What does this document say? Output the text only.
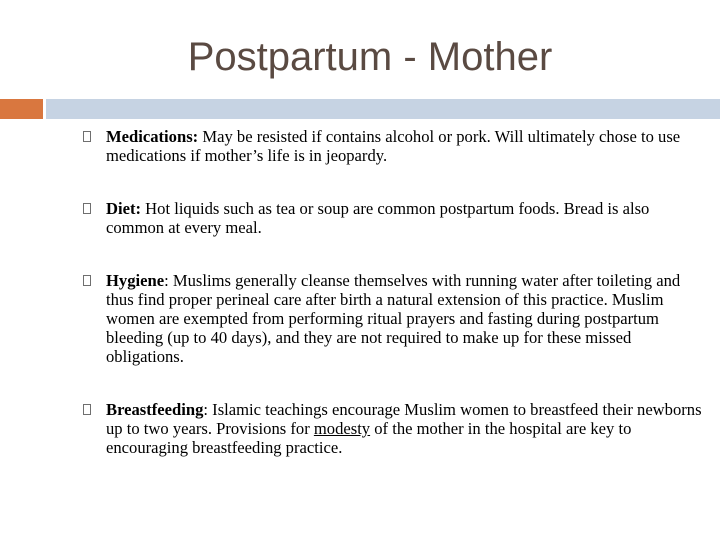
Postpartum - Mother
Medications: May be resisted if contains alcohol or pork. Will ultimately chose to use medications if mother’s life is in jeopardy.
Diet: Hot liquids such as tea or soup are common postpartum foods. Bread is also common at every meal.
Hygiene: Muslims generally cleanse themselves with running water after toileting and thus find proper perineal care after birth a natural extension of this practice. Muslim women are exempted from performing ritual prayers and fasting during postpartum bleeding (up to 40 days), and they are not required to make up for these missed obligations.
Breastfeeding: Islamic teachings encourage Muslim women to breastfeed their newborns up to two years. Provisions for modesty of the mother in the hospital are key to encouraging breastfeeding practice.
